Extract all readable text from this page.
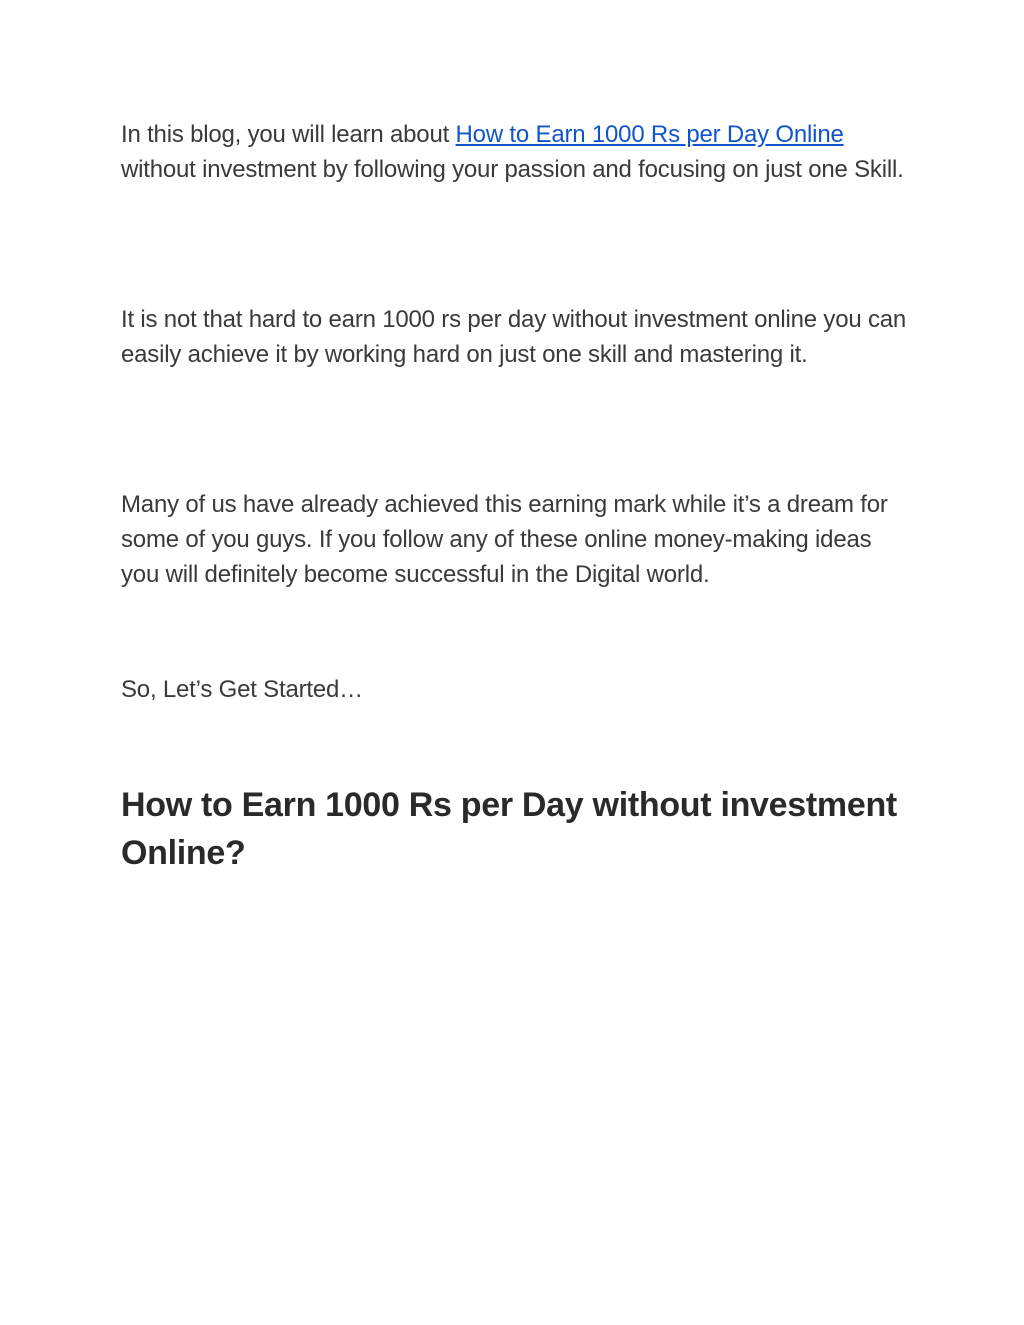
In this blog, you will learn about How to Earn 1000 Rs per Day Online without investment by following your passion and focusing on just one Skill.

It is not that hard to earn 1000 rs per day without investment online you can easily achieve it by working hard on just one skill and mastering it.

Many of us have already achieved this earning mark while it’s a dream for some of you guys. If you follow any of these online money-making ideas you will definitely become successful in the Digital world.

So, Let’s Get Started…

How to Earn 1000 Rs per Day without investment Online?
